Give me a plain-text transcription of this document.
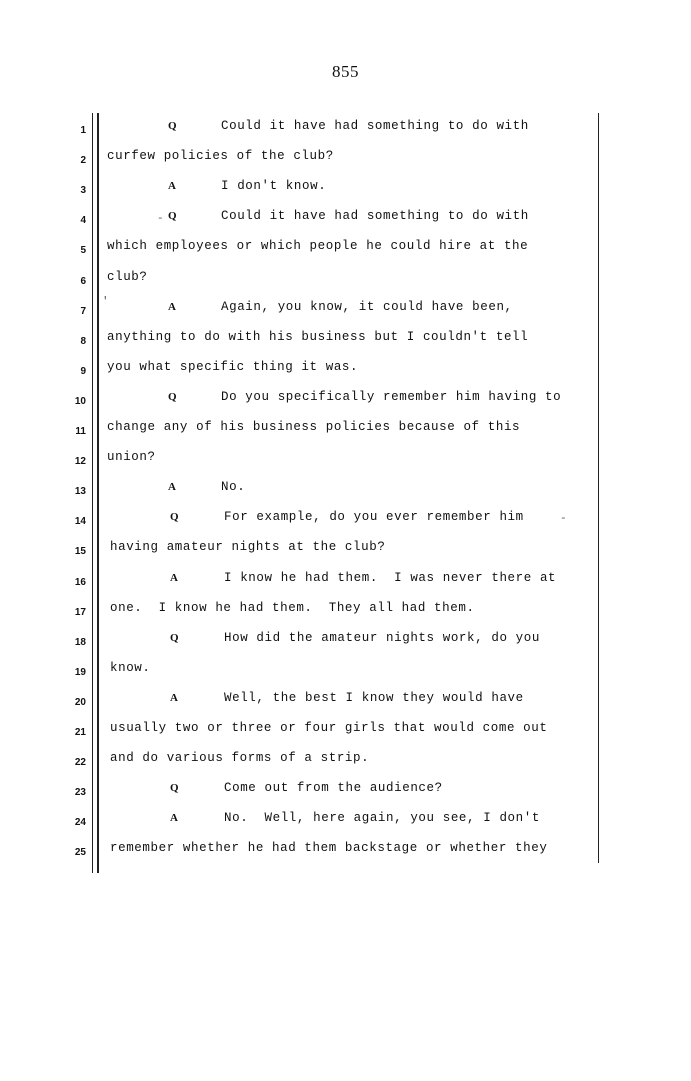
855
1	Q	Could it have had something to do with
2 curfew policies of the club?
3	A	I don't know.
4	Q	Could it have had something to do with
5 which employees or which people he could hire at the
6 club?
7	A	Again, you know, it could have been,
8 anything to do with his business but I couldn't tell
9 you what specific thing it was.
10	Q	Do you specifically remember him having to
11 change any of his business policies because of this
12 union?
13	A	No.
14	Q	For example, do you ever remember him
15 having amateur nights at the club?
16	A	I know he had them.  I was never there at
17 one.  I know he had them.  They all had them.
18	Q	How did the amateur nights work, do you
19 know.
20	A	Well, the best I know they would have
21 usually two or three or four girls that would come out
22 and do various forms of a strip.
23	Q	Come out from the audience?
24	A	No.  Well, here again, you see, I don't
25 remember whether he had them backstage or whether they
-
'
-
